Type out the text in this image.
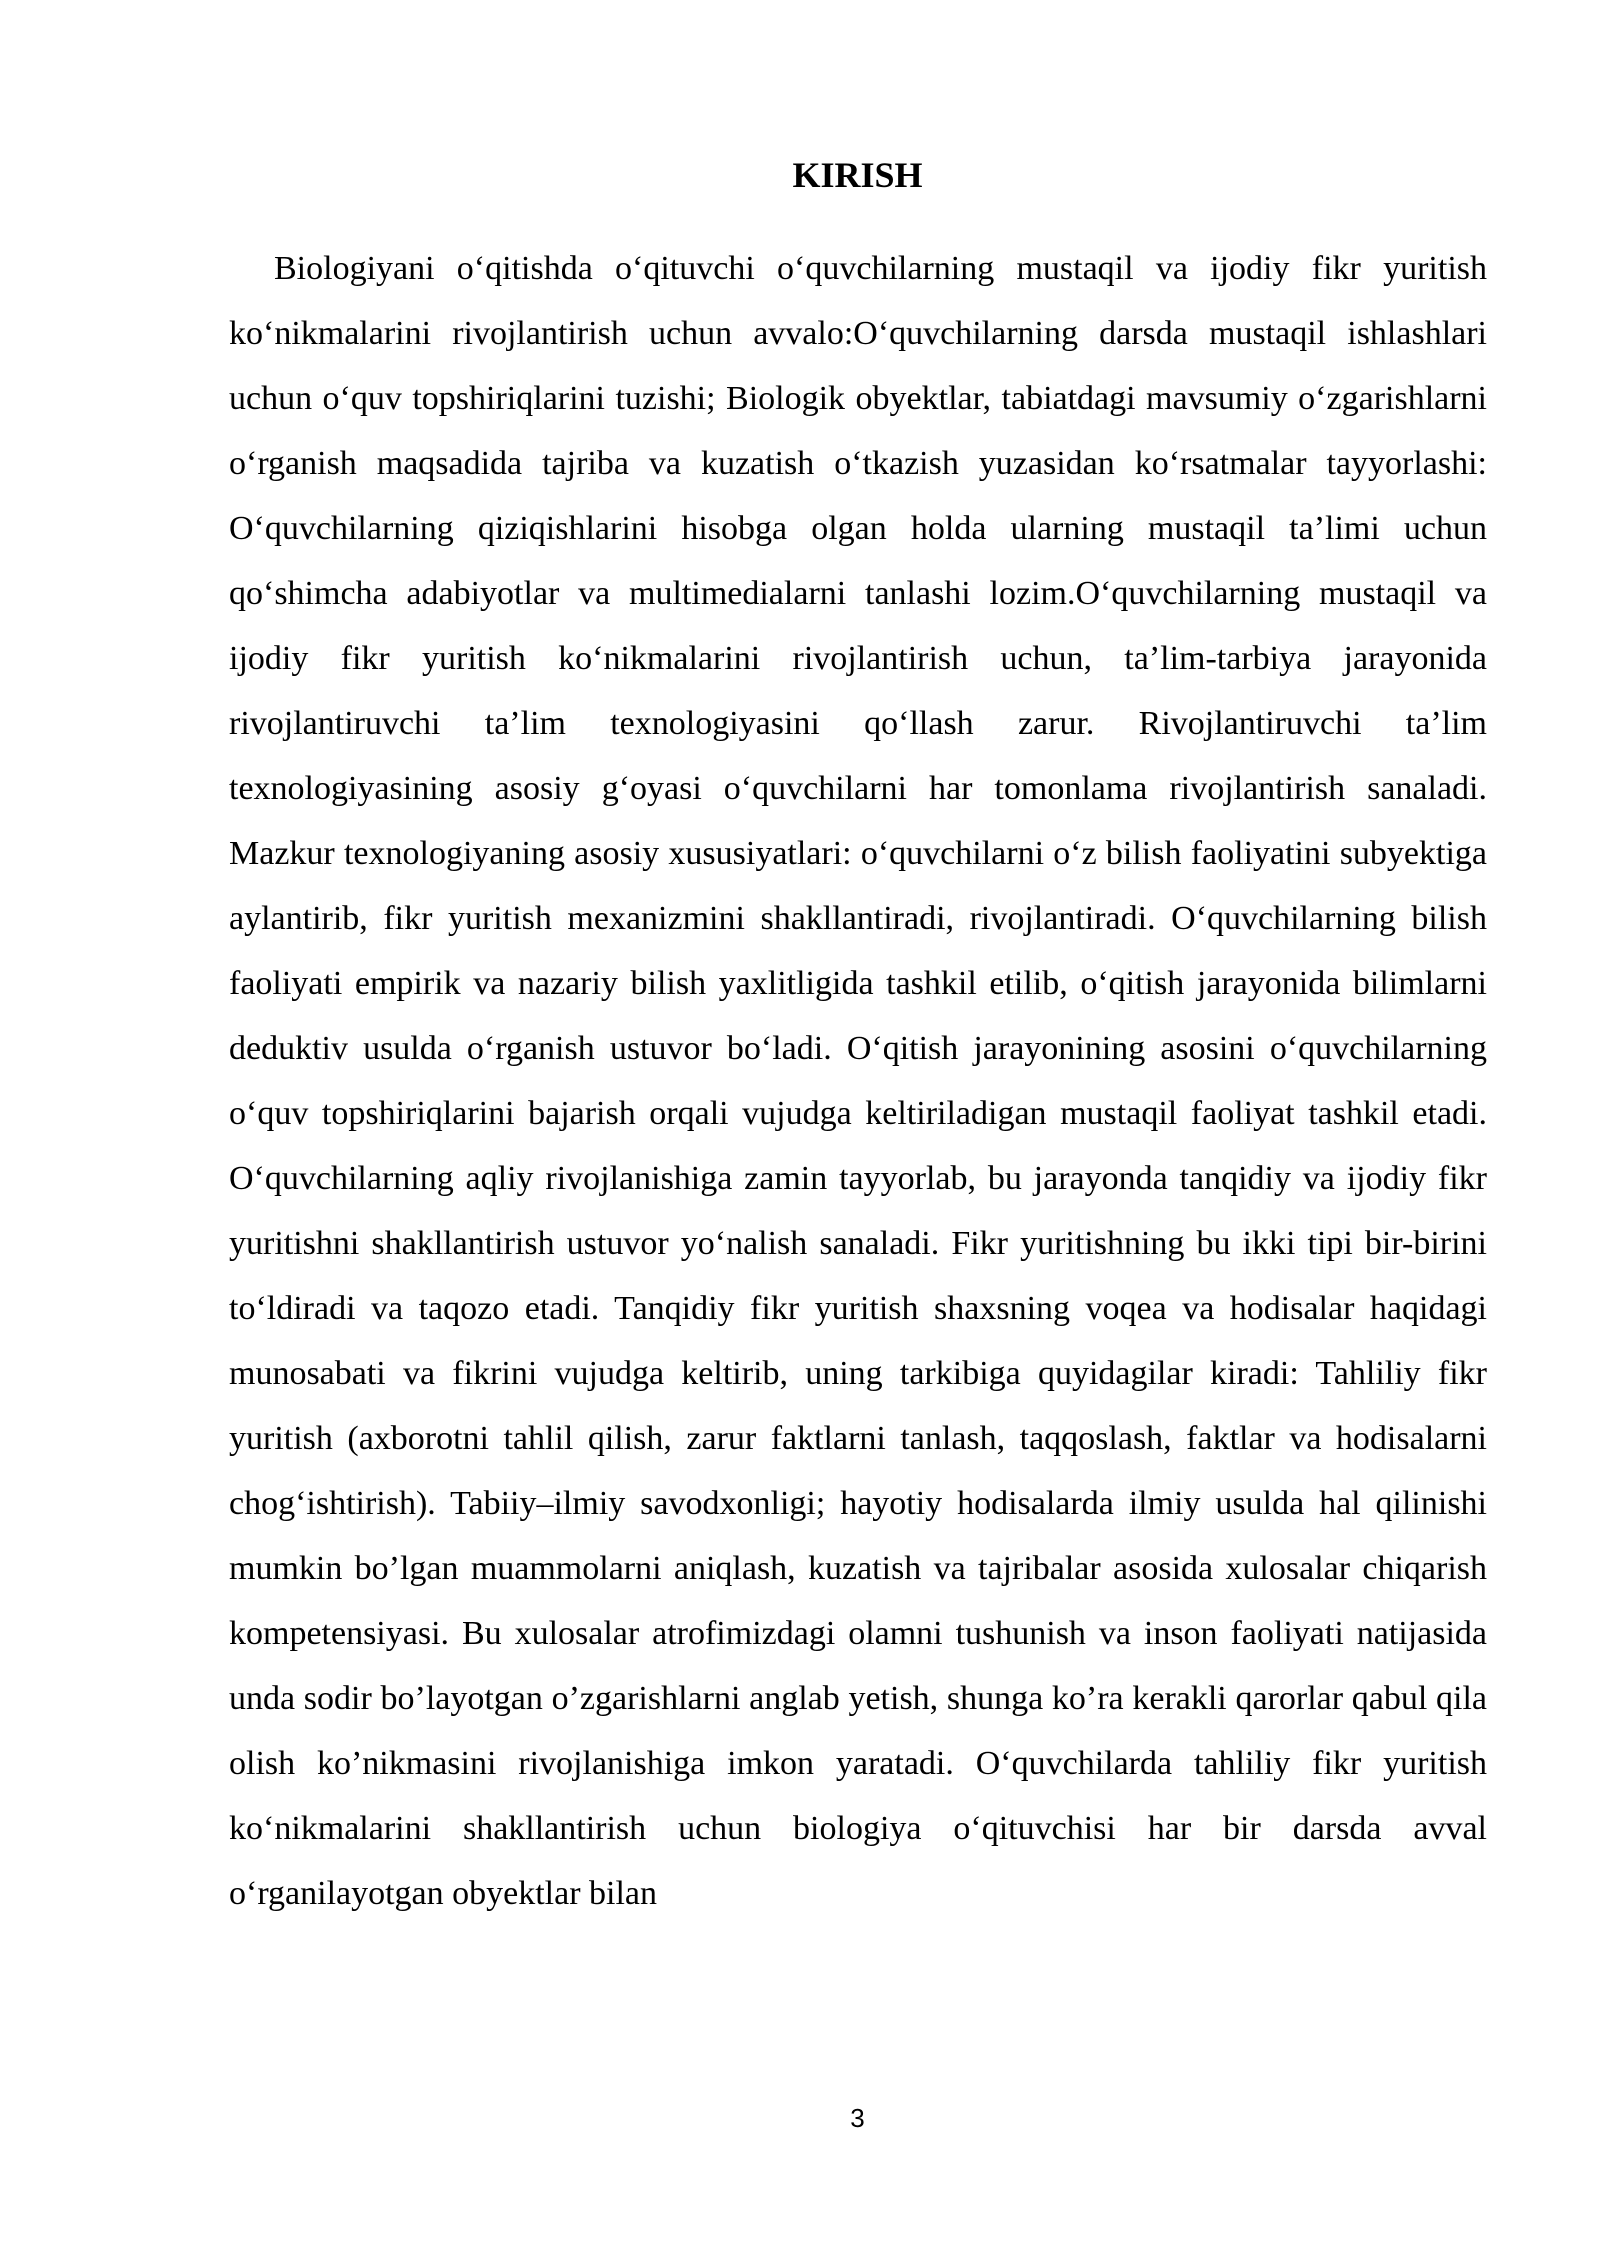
KIRISH

Biologiyani o‘qitishda o‘qituvchi o‘quvchilarning mustaqil va ijodiy fikr yuritish ko‘nikmalarini rivojlantirish uchun avvalo:O‘quvchilarning darsda mustaqil ishlashlari uchun o‘quv topshiriqlarini tuzishi; Biologik obyektlar, tabiatdagi mavsumiy o‘zgarishlarni o‘rganish maqsadida tajriba va kuzatish o‘tkazish yuzasidan ko‘rsatmalar tayyorlashi: O‘quvchilarning qiziqishlarini hisobga olgan holda ularning mustaqil ta’limi uchun qo‘shimcha adabiyotlar va multimedialarni tanlashi lozim.O‘quvchilarning mustaqil va ijodiy fikr yuritish ko‘nikmalarini rivojlantirish uchun, ta’lim-tarbiya jarayonida rivojlantiruvchi ta’lim texnologiyasini qo‘llash zarur. Rivojlantiruvchi ta’lim texnologiyasining asosiy g‘oyasi o‘quvchilarni har tomonlama rivojlantirish sanaladi. Mazkur texnologiyaning asosiy xususiyatlari: o‘quvchilarni o‘z bilish faoliyatini subyektiga aylantirib, fikr yuritish mexanizmini shakllantiradi, rivojlantiradi. O‘quvchilarning bilish faoliyati empirik va nazariy bilish yaxlitligida tashkil etilib, o‘qitish jarayonida bilimlarni deduktiv usulda o‘rganish ustuvor bo‘ladi. O‘qitish jarayonining asosini o‘quvchilarning o‘quv topshiriqlarini bajarish orqali vujudga keltiriladigan mustaqil faoliyat tashkil etadi. O‘quvchilarning aqliy rivojlanishiga zamin tayyorlab, bu jarayonda tanqidiy va ijodiy fikr yuritishni shakllantirish ustuvor yo‘nalish sanaladi. Fikr yuritishning bu ikki tipi bir-birini to‘ldiradi va taqozo etadi. Tanqidiy fikr yuritish shaxsning voqea va hodisalar haqidagi munosabati va fikrini vujudga keltirib, uning tarkibiga quyidagilar kiradi: Tahliliy fikr yuritish (axborotni tahlil qilish, zarur faktlarni tanlash, taqqoslash, faktlar va hodisalarni chog‘ishtirish). Tabiiy–ilmiy savodxonligi; hayotiy hodisalarda ilmiy usulda hal qilinishi mumkin bo’lgan muammolarni aniqlash, kuzatish va tajribalar asosida xulosalar chiqarish kompetensiyasi. Bu xulosalar atrofimizdagi olamni tushunish va inson faoliyati natijasida unda sodir bo’layotgan o’zgarishlarni anglab yetish, shunga ko’ra kerakli qarorlar qabul qila olish ko’nikmasini rivojlanishiga imkon yaratadi. O‘quvchilarda tahliliy fikr yuritish ko‘nikmalarini shakllantirish uchun biologiya o‘qituvchisi har bir darsda avval o‘rganilayotgan obyektlar bilan

3
